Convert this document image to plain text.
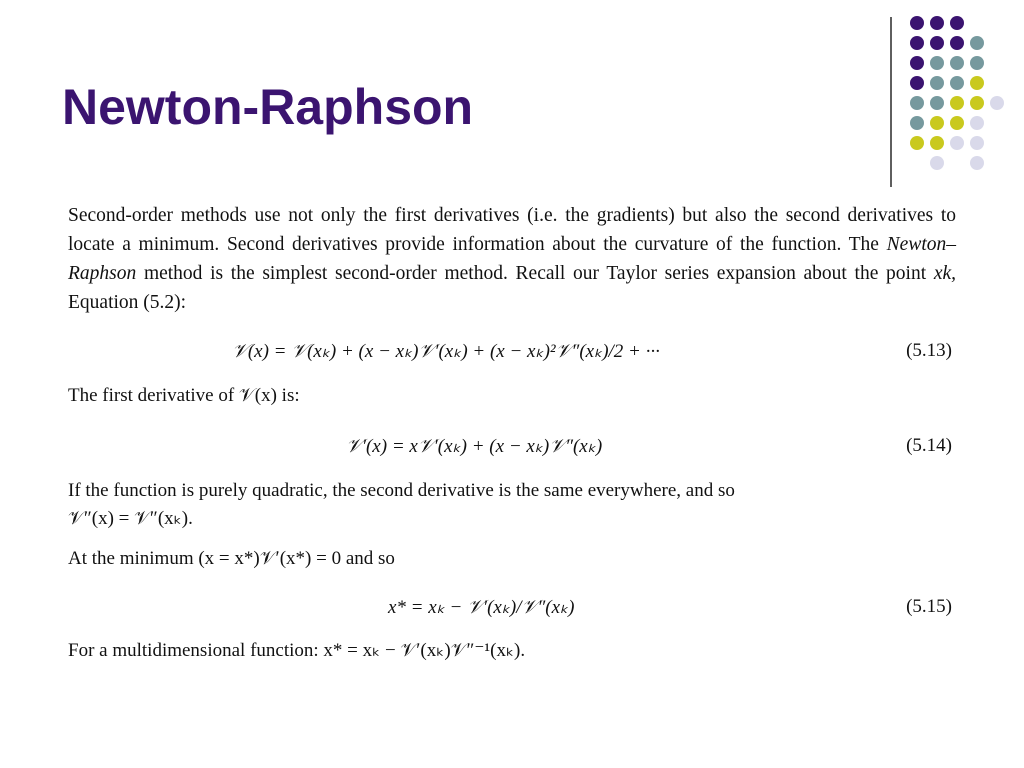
Newton-Raphson

Second-order methods use not only the first derivatives (i.e. the gradients) but also the second derivatives to locate a minimum. Second derivatives provide information about the curvature of the function. The Newton–Raphson method is the simplest second-order method. Recall our Taylor series expansion about the point xk, Equation (5.2):

𝒱(x) = 𝒱(xₖ) + (x − xₖ)𝒱′(xₖ) + (x − xₖ)²𝒱″(xₖ)/2 + ···	(5.13)

The first derivative of 𝒱(x) is:

𝒱′(x) = x𝒱′(xₖ) + (x − xₖ)𝒱″(xₖ)	(5.14)

If the function is purely quadratic, the second derivative is the same everywhere, and so

𝒱″(x) = 𝒱″(xₖ).

At the minimum (x = x*)𝒱′(x*) = 0 and so

x* = xₖ − 𝒱′(xₖ)/𝒱″(xₖ)	(5.15)

For a multidimensional function: x* = xₖ − 𝒱′(xₖ)𝒱″⁻¹(xₖ).
